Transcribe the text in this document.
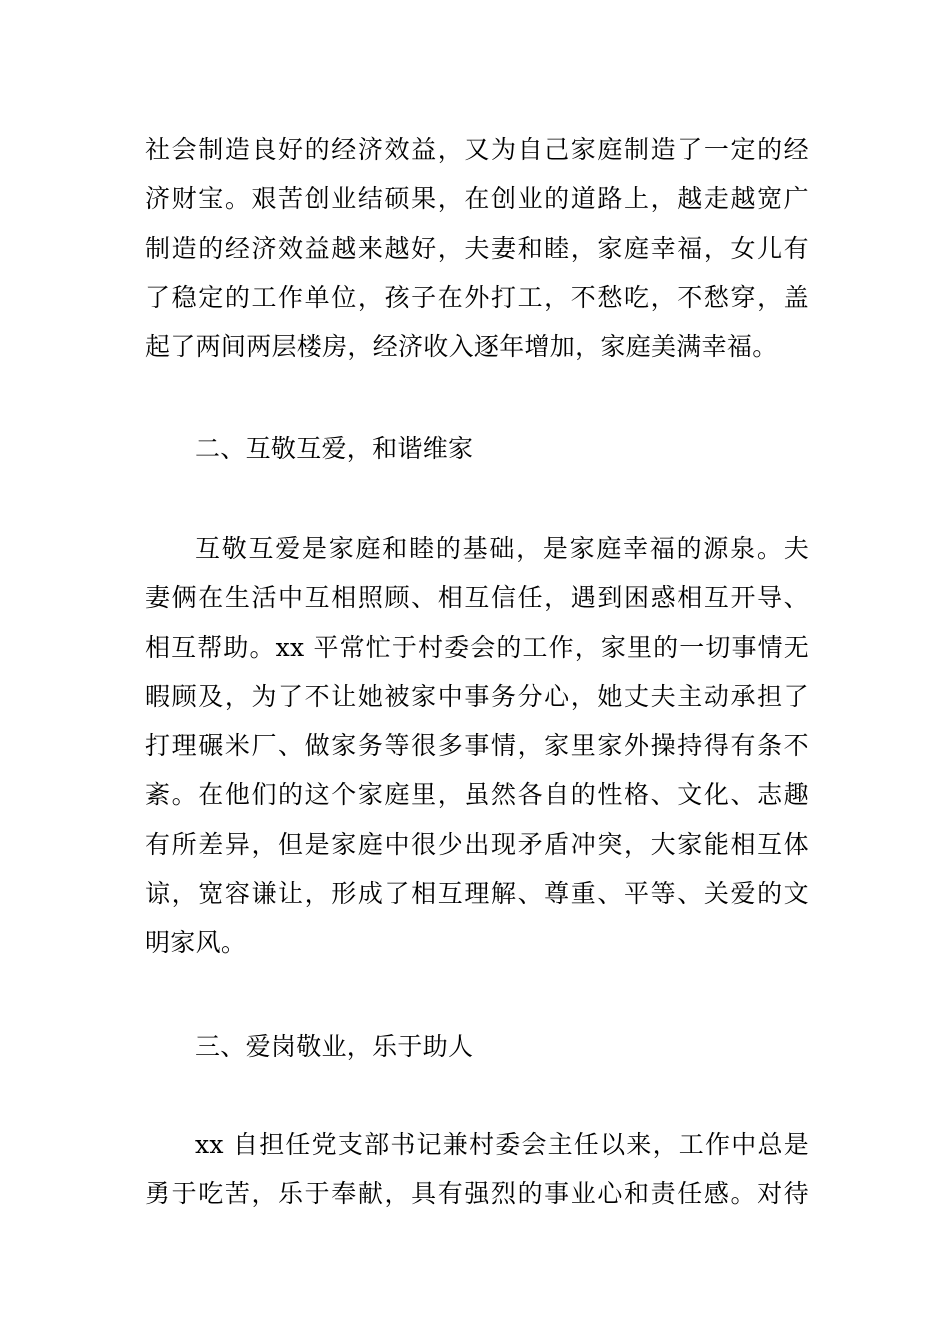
社会制造良好的经济效益，又为自己家庭制造了一定的经
济财宝。艰苦创业结硕果，在创业的道路上，越走越宽广
制造的经济效益越来越好，夫妻和睦，家庭幸福，女儿有
了稳定的工作单位，孩子在外打工，不愁吃，不愁穿，盖
起了两间两层楼房，经济收入逐年增加，家庭美满幸福。
二、互敬互爱，和谐维家
互敬互爱是家庭和睦的基础，是家庭幸福的源泉。夫
妻俩在生活中互相照顾、相互信任，遇到困惑相互开导、
相互帮助。xx 平常忙于村委会的工作，家里的一切事情无
暇顾及，为了不让她被家中事务分心，她丈夫主动承担了
打理碾米厂、做家务等很多事情，家里家外操持得有条不
紊。在他们的这个家庭里，虽然各自的性格、文化、志趣
有所差异，但是家庭中很少出现矛盾冲突，大家能相互体
谅，宽容谦让，形成了相互理解、尊重、平等、关爱的文
明家风。
三、爱岗敬业，乐于助人
xx 自担任党支部书记兼村委会主任以来，工作中总是
勇于吃苦，乐于奉献，具有强烈的事业心和责任感。对待
